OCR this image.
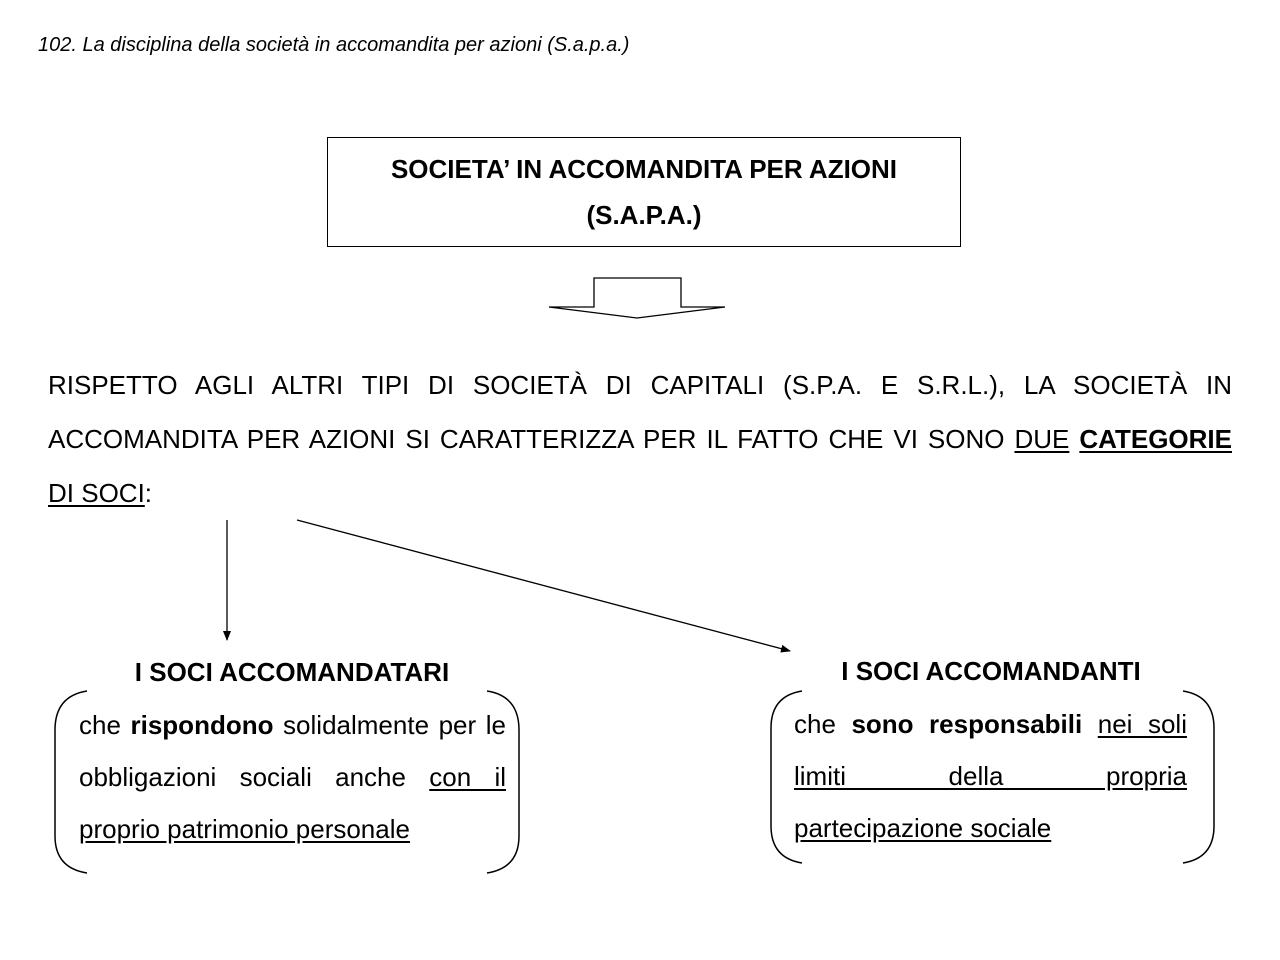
102. La disciplina della società in accomandita per azioni (S.a.p.a.)
SOCIETA’ IN ACCOMANDITA PER AZIONI
(S.A.P.A.)
RISPETTO AGLI ALTRI TIPI DI SOCIETÀ DI CAPITALI (S.P.A. E S.R.L.), LA SOCIETÀ IN ACCOMANDITA PER AZIONI SI CARATTERIZZA PER IL FATTO CHE VI SONO DUE CATEGORIE DI SOCI:
I SOCI ACCOMANDATARI
che rispondono solidalmente per le obbligazioni sociali anche con il proprio patrimonio personale
I SOCI ACCOMANDANTI
che sono responsabili nei soli
limiti della propria
partecipazione sociale
